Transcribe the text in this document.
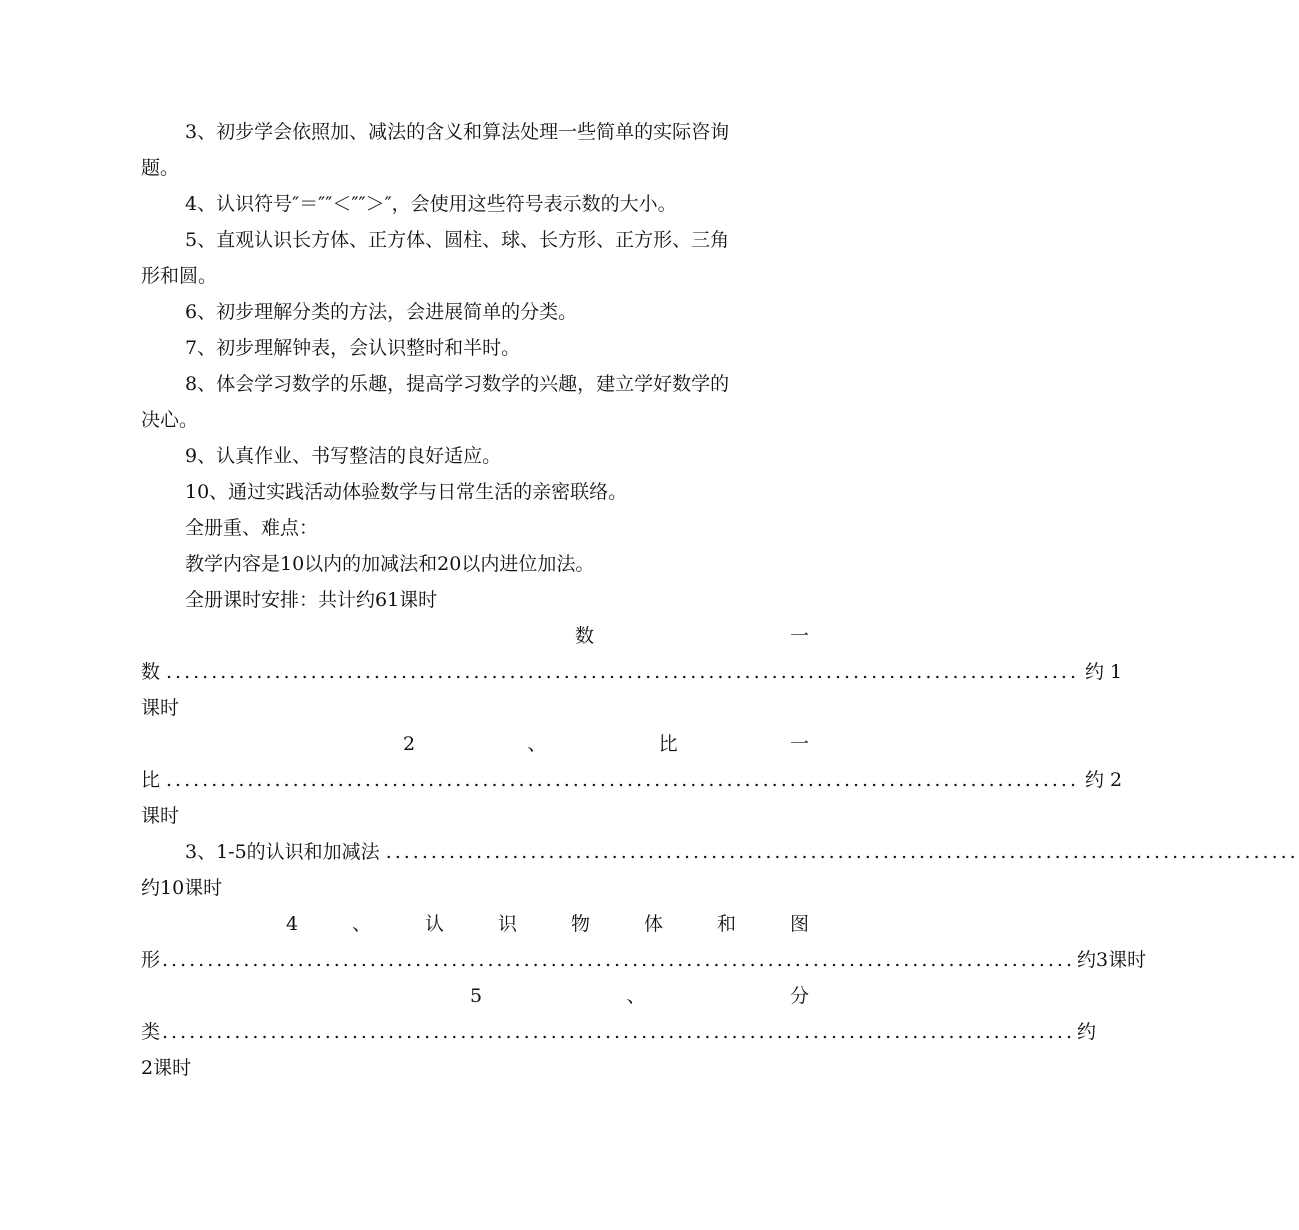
3、初步学会依照加、减法的含义和算法处理一些简单的实际咨询
题。
4、认识符号″＝″″＜″″＞″，会使用这些符号表示数的大小。
5、直观认识长方体、正方体、圆柱、球、长方形、正方形、三角
形和圆。
6、初步理解分类的方法，会进展简单的分类。
7、初步理解钟表，会认识整时和半时。
8、体会学习数学的乐趣，提高学习数学的兴趣，建立学好数学的
决心。
9、认真作业、书写整洁的良好适应。
10、通过实践活动体验数学与日常生活的亲密联络。
全册重、难点：
教学内容是10以内的加减法和20以内进位加法。
全册课时安排：共计约61课时
数	一
数 ..................................................................................................... 约 1
课时
2	、	比	一
比 ..................................................................................................... 约 2
课时
3、1-5的认识和加减法 .....................................................................................................
约10课时
4	、	认	识	物	体	和	图
形 ..................................................................................................... 约3课时
5	、	分
类 ..................................................................................................... 约
2课时
